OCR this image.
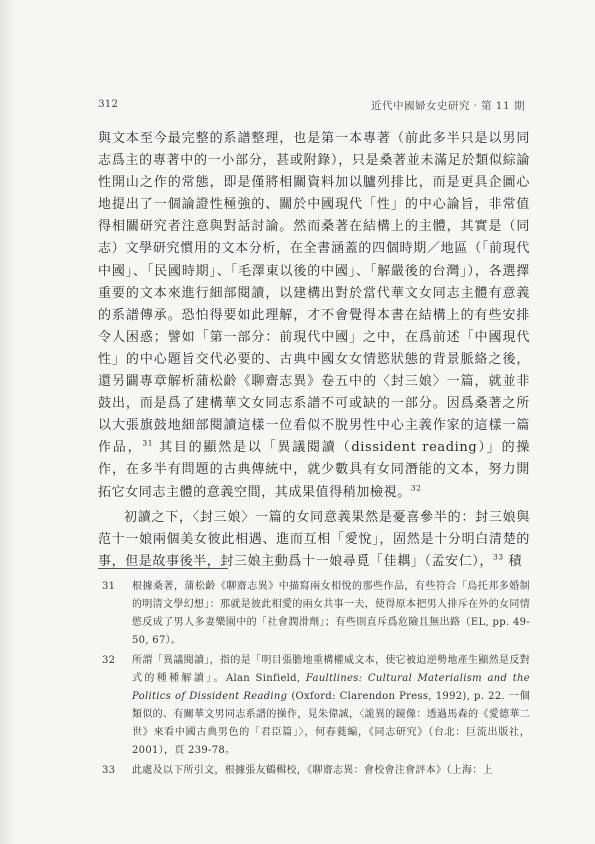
312	近代中國婦女史研究‧第 11 期

與文本至今最完整的系譜整理，也是第一本專著（前此多半只是以男同志爲主的專著中的一小部分，甚或附錄），只是桑著並未滿足於類似綜論性開山之作的常態，即是僅將相關資料加以臚列排比，而是更具企圖心地提出了一個論證性極強的、關於中國現代「性」的中心論旨，非常值得相關研究者注意與對話討論。然而桑著在結構上的主體，其實是（同志）文學研究慣用的文本分析，在全書涵蓋的四個時期／地區（「前現代中國」、「民國時期」、「毛澤東以後的中國」、「解嚴後的台灣」），各選擇重要的文本來進行細部閱讀，以建構出對於當代華文女同志主體有意義的系譜傳承。恐怕得要如此理解，才不會覺得本書在結構上的有些安排令人困惑；譬如「第一部分：前現代中國」之中，在爲前述「中國現代性」的中心題旨交代必要的、古典中國女女情慾狀態的背景脈絡之後，還另闢專章解析蒲松齡《聊齋志異》卷五中的〈封三娘〉一篇，就並非鼓出，而是爲了建構華文女同志系譜不可或缺的一部分。因爲桑著之所以大張旗鼓地細部閱讀這樣一位看似不脫男性中心主義作家的這樣一篇作品，$^{31}$ 其目的顯然是以「異議閱讀（dissident reading）」的操作，在多半有問題的古典傳統中，就少數具有女同潛能的文本，努力開拓它女同志主體的意義空間，其成果值得稍加檢視。$^{32}$

初讀之下，〈封三娘〉一篇的女同意義果然是憂喜參半的：封三娘與范十一娘兩個美女彼此相遇、進而互相「愛悅」，固然是十分明白清楚的事，但是故事後半，封三娘主動爲十一娘尋覓「佳耦」（孟安仁），$^{33}$ 積

31	根據桑著，蒲松齡《聊齋志異》中描寫兩女相悅的那些作品，有些符合「烏托邦多婚制的明清文學幻想」：那就是彼此相愛的兩女共事一夫，使得原本把男人排斥在外的女同情慾反成了男人多妻樂園中的「社會潤滑劑」；有些則直斥爲危險且無出路（EL, pp. 49-50, 67）。
32	所謂「異議閱讀」，指的是「明目張膽地重構權威文本，使它被迫逆勢地產生顯然是反對式的種種解讀」。Alan Sinfield, Faultlines: Cultural Materialism and the Politics of Dissident Reading (Oxford: Clarendon Press, 1992), p. 22. 一個類似的、有關華文男同志系譜的操作，見朱偉誠，〈詭異的鏡像：透過馬森的《愛德華二世》來看中國古典男色的「君臣篇」〉，何春蕤編，《同志研究》（台北：巨流出版社，2001），頁 239-78。
33	此處及以下所引文，根據張友鶴輯校，《聊齋志異：會校會注會評本》（上海：上
